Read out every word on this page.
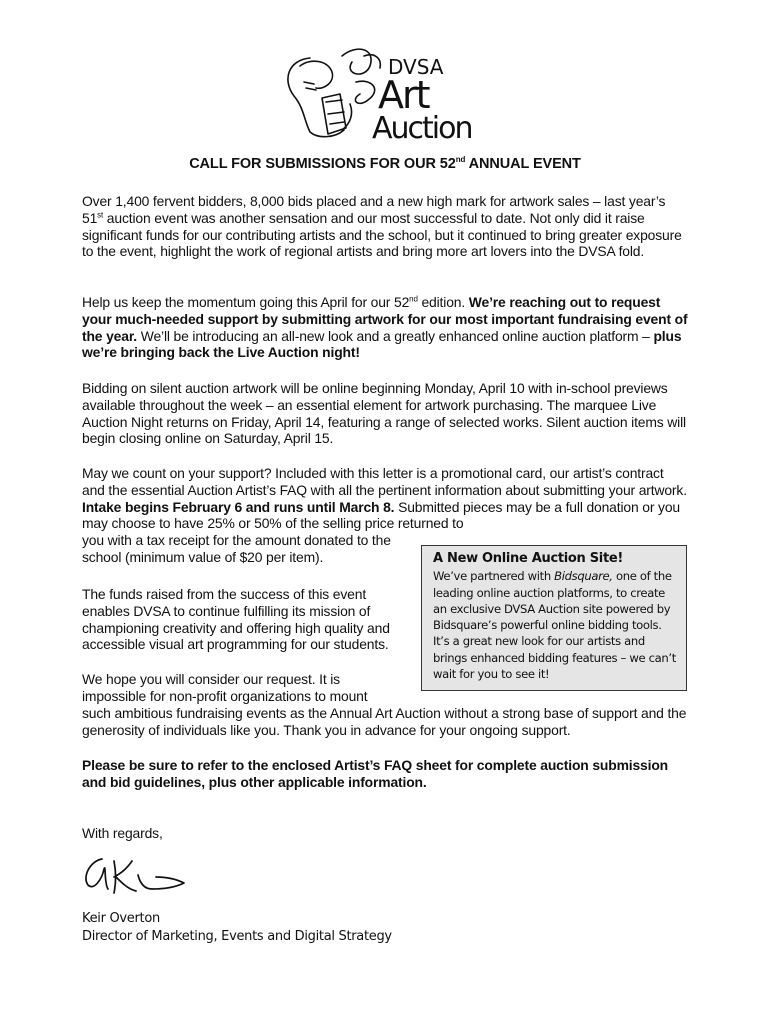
DVSA
Art
Auction
CALL FOR SUBMISSIONS FOR OUR 52nd ANNUAL EVENT

Over 1,400 fervent bidders, 8,000 bids placed and a new high mark for artwork sales – last year’s 51st auction event was another sensation and our most successful to date. Not only did it raise significant funds for our contributing artists and the school, but it continued to bring greater exposure to the event, highlight the work of regional artists and bring more art lovers into the DVSA fold.

Help us keep the momentum going this April for our 52nd edition. We’re reaching out to request your much-needed support by submitting artwork for our most important fundraising event of the year. We’ll be introducing an all-new look and a greatly enhanced online auction platform – plus we’re bringing back the Live Auction night!

Bidding on silent auction artwork will be online beginning Monday, April 10 with in-school previews available throughout the week – an essential element for artwork purchasing. The marquee Live Auction Night returns on Friday, April 14, featuring a range of selected works. Silent auction items will begin closing online on Saturday, April 15.

May we count on your support? Included with this letter is a promotional card, our artist’s contract and the essential Auction Artist’s FAQ with all the pertinent information about submitting your artwork. Intake begins February 6 and runs until March 8. Submitted pieces may be a full donation or you may choose to have 25% or 50% of the selling price returned to

you with a tax receipt for the amount donated to the school (minimum value of $20 per item).	A New Online Auction Site!
We’ve partnered with Bidsquare, one of the leading online auction platforms, to create an exclusive DVSA Auction site powered by Bidsquare’s powerful online bidding tools. It’s a great new look for our artists and brings enhanced bidding features – we can’t wait for you to see it!

The funds raised from the success of this event enables DVSA to continue fulfilling its mission of championing creativity and offering high quality and accessible visual art programming for our students.

We hope you will consider our request. It is impossible for non-profit organizations to mount

such ambitious fundraising events as the Annual Art Auction without a strong base of support and the generosity of individuals like you. Thank you in advance for your ongoing support.

Please be sure to refer to the enclosed Artist’s FAQ sheet for complete auction submission and bid guidelines, plus other applicable information.

With regards,

Keir Overton
Director of Marketing, Events and Digital Strategy
